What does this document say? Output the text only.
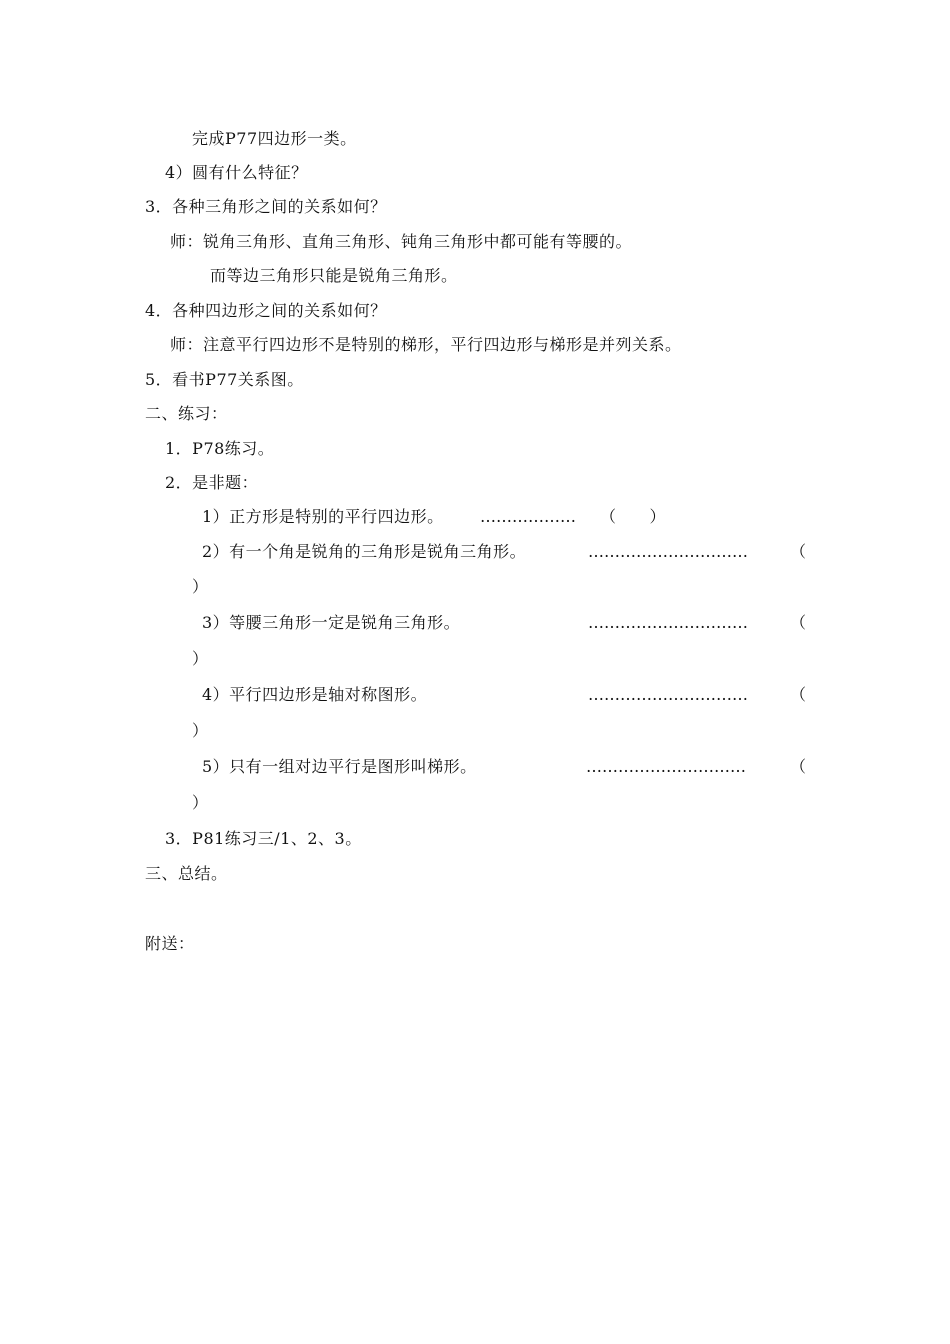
完成P77四边形一类。
4）圆有什么特征？
3．各种三角形之间的关系如何？
师：锐角三角形、直角三角形、钝角三角形中都可能有等腰的。
而等边三角形只能是锐角三角形。
4．各种四边形之间的关系如何？
师：注意平行四边形不是特别的梯形，平行四边形与梯形是并列关系。
5．看书P77关系图。
二、练习：
1．P78练习。
2．是非题：
1）正方形是特别的平行四边形。 ……………… （　　）
2）有一个角是锐角的三角形是锐角三角形。	…………………………	（
）
3）等腰三角形一定是锐角三角形。	…………………………	（
）
4）平行四边形是轴对称图形。	…………………………	（
）
5）只有一组对边平行是图形叫梯形。	…………………………	（
）
3．P81练习三/1、2、3。
三、总结。
附送：
